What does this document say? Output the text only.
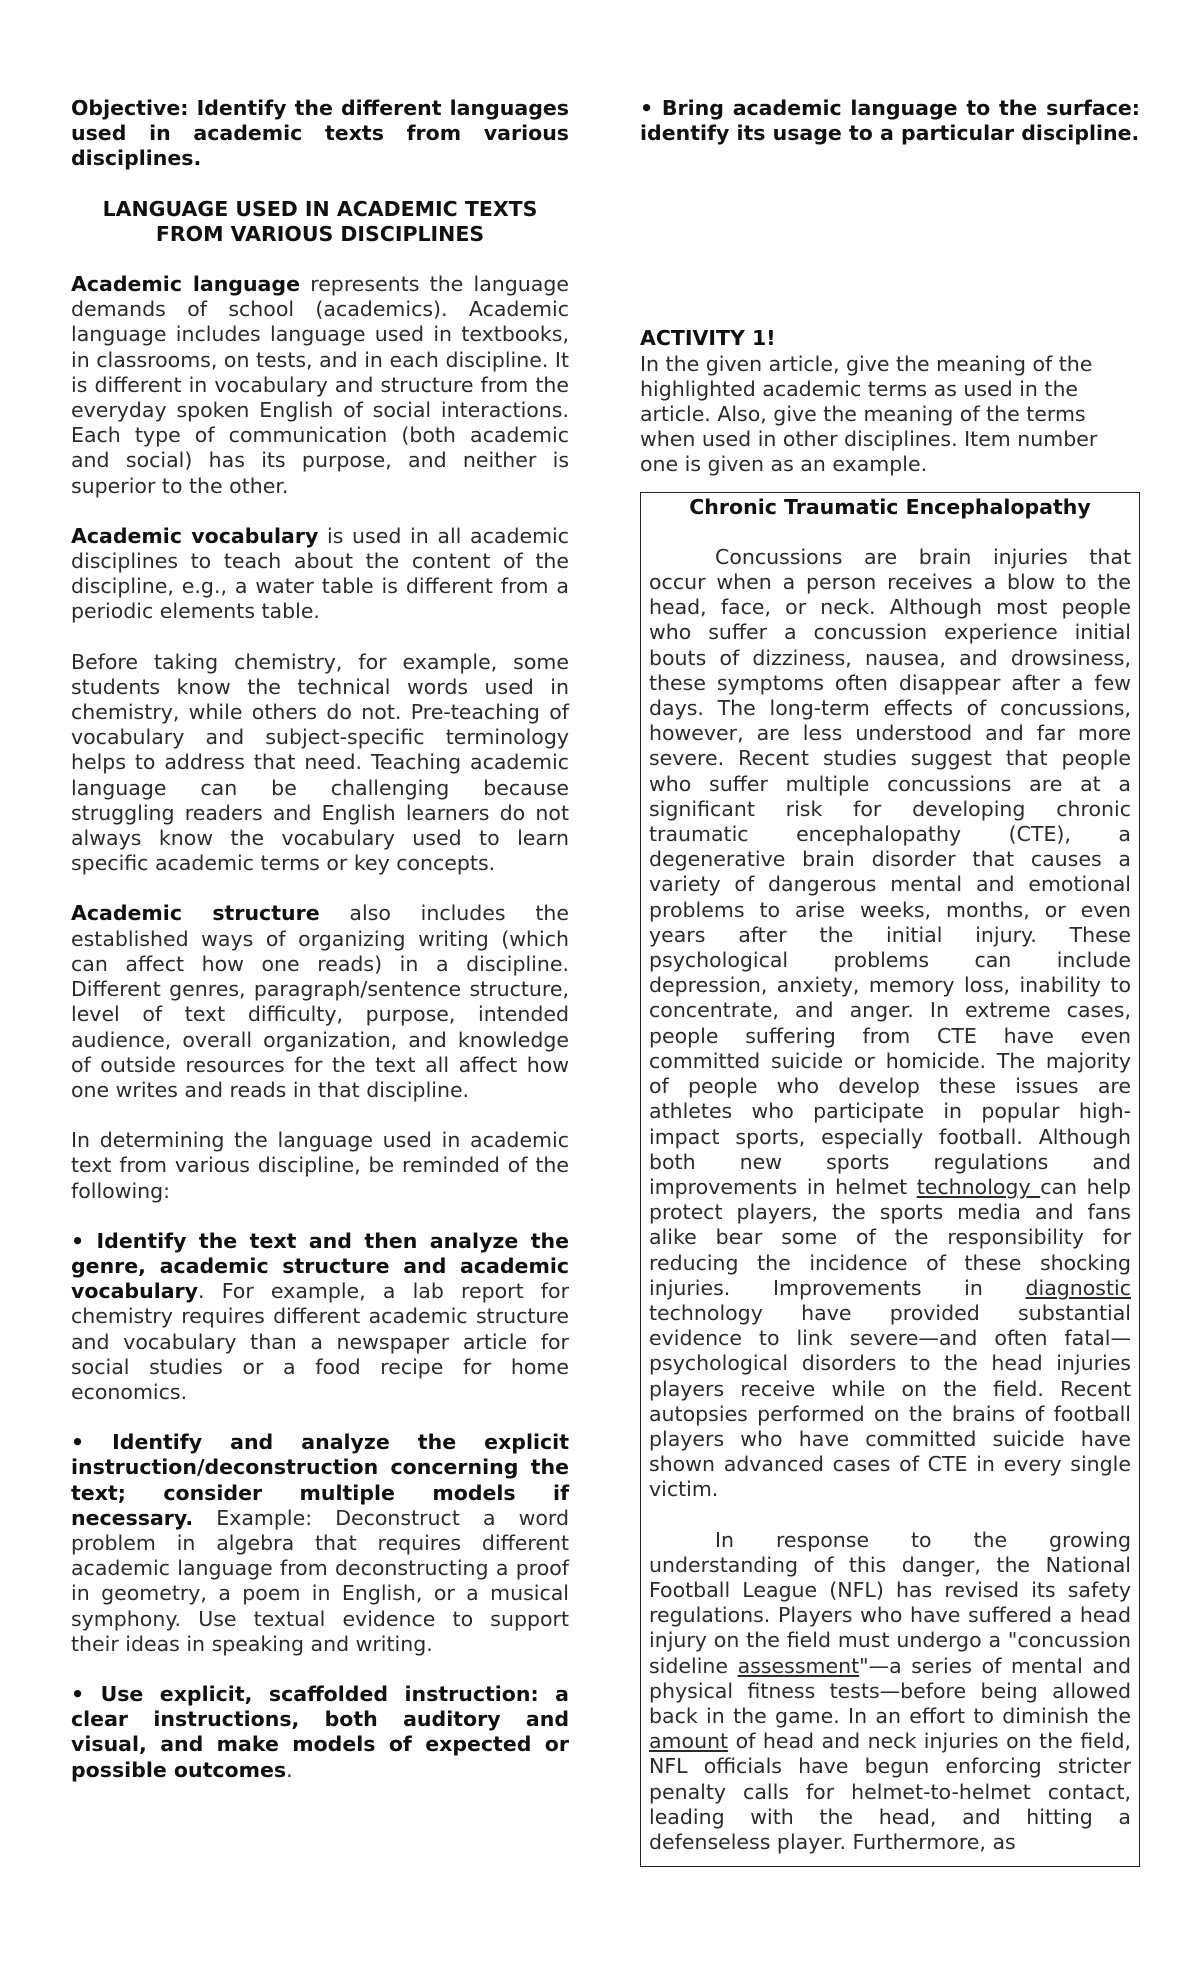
Objective: Identify the different languages used in academic texts from various disciplines.

LANGUAGE USED IN ACADEMIC TEXTS FROM VARIOUS DISCIPLINES

Academic language represents the language demands of school (academics). Academic language includes language used in textbooks, in classrooms, on tests, and in each discipline. It is different in vocabulary and structure from the everyday spoken English of social interactions. Each type of communication (both academic and social) has its purpose, and neither is superior to the other.

Academic vocabulary is used in all academic disciplines to teach about the content of the discipline, e.g., a water table is different from a periodic elements table.

Before taking chemistry, for example, some students know the technical words used in chemistry, while others do not. Pre-teaching of vocabulary and subject-specific terminology helps to address that need. Teaching academic language can be challenging because struggling readers and English learners do not always know the vocabulary used to learn specific academic terms or key concepts.

Academic structure also includes the established ways of organizing writing (which can affect how one reads) in a discipline. Different genres, paragraph/sentence structure, level of text difficulty, purpose, intended audience, overall organization, and knowledge of outside resources for the text all affect how one writes and reads in that discipline.

In determining the language used in academic text from various discipline, be reminded of the following:

• Identify the text and then analyze the genre, academic structure and academic vocabulary. For example, a lab report for chemistry requires different academic structure and vocabulary than a newspaper article for social studies or a food recipe for home economics.

• Identify and analyze the explicit instruction/deconstruction concerning the text; consider multiple models if necessary. Example: Deconstruct a word problem in algebra that requires different academic language from deconstructing a proof in geometry, a poem in English, or a musical symphony. Use textual evidence to support their ideas in speaking and writing.

• Use explicit, scaffolded instruction: a clear instructions, both auditory and visual, and make models of expected or possible outcomes.

• Bring academic language to the surface: identify its usage to a particular discipline.

ACTIVITY 1!

In the given article, give the meaning of the highlighted academic terms as used in the article. Also, give the meaning of the terms when used in other disciplines. Item number one is given as an example.

Chronic Traumatic Encephalopathy

Concussions are brain injuries that occur when a person receives a blow to the head, face, or neck. Although most people who suffer a concussion experience initial bouts of dizziness, nausea, and drowsiness, these symptoms often disappear after a few days. The long-term effects of concussions, however, are less understood and far more severe. Recent studies suggest that people who suffer multiple concussions are at a significant risk for developing chronic traumatic encephalopathy (CTE), a degenerative brain disorder that causes a variety of dangerous mental and emotional problems to arise weeks, months, or even years after the initial injury. These psychological problems can include depression, anxiety, memory loss, inability to concentrate, and anger. In extreme cases, people suffering from CTE have even committed suicide or homicide. The majority of people who develop these issues are athletes who participate in popular high-impact sports, especially football. Although both new sports regulations and improvements in helmet technology can help protect players, the sports media and fans alike bear some of the responsibility for reducing the incidence of these shocking injuries. Improvements in diagnostic technology have provided substantial evidence to link severe—and often fatal—psychological disorders to the head injuries players receive while on the field. Recent autopsies performed on the brains of football players who have committed suicide have shown advanced cases of CTE in every single victim.

In response to the growing understanding of this danger, the National Football League (NFL) has revised its safety regulations. Players who have suffered a head injury on the field must undergo a "concussion sideline assessment"—a series of mental and physical fitness tests—before being allowed back in the game. In an effort to diminish the amount of head and neck injuries on the field, NFL officials have begun enforcing stricter penalty calls for helmet-to-helmet contact, leading with the head, and hitting a defenseless player. Furthermore, as
